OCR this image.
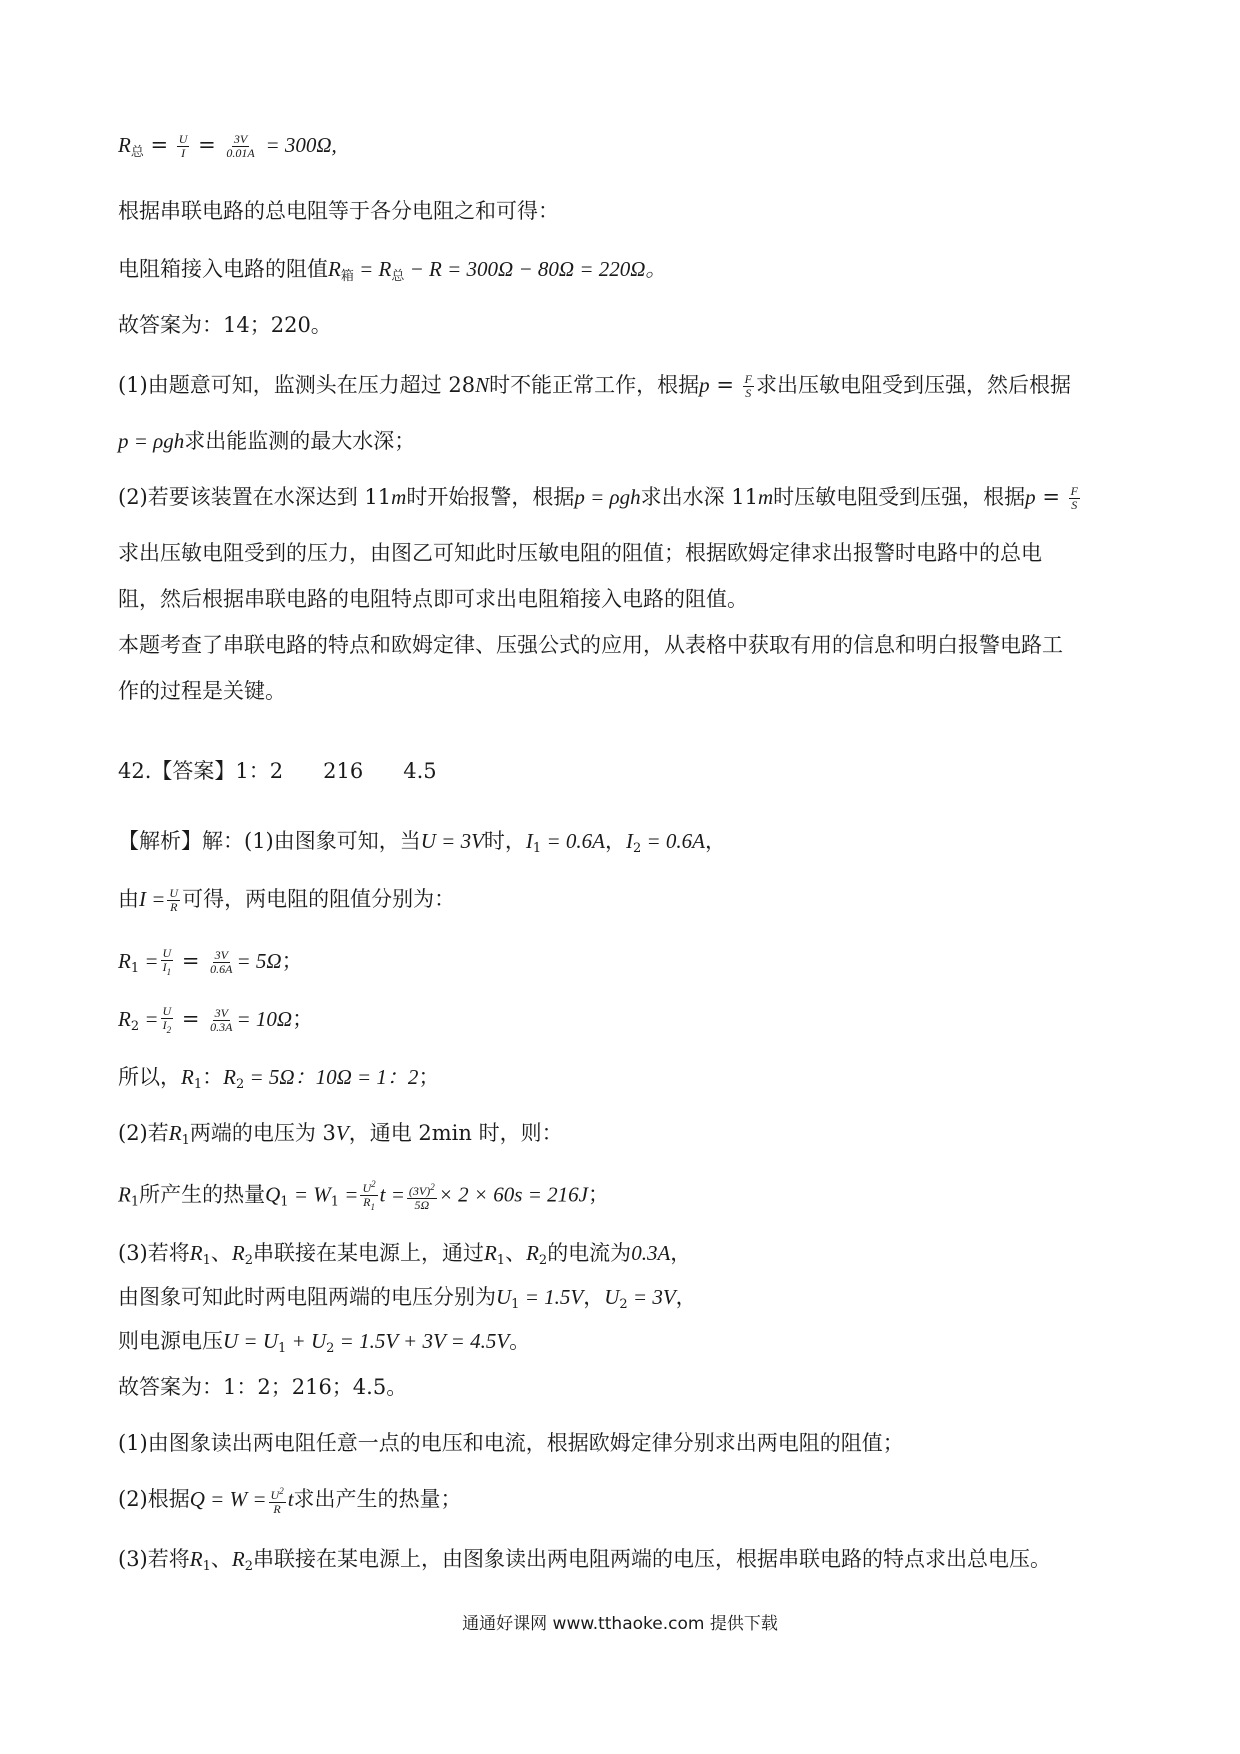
$R_总 = \frac{U}{I} = \frac{3V}{0.01A} = 300\Omega$,
根据串联电路的总电阻等于各分电阻之和可得：
电阻箱接入电路的阻值$R_箱 = R_总 - R = 300\Omega - 80\Omega = 220\Omega$。
故答案为：14；220。
(1)由题意可知，监测头在压力超过 28N时不能正常工作，根据$p = \frac{F}{S}$ 求出压敏电阻受到压强，然后根据
p = ρgh求出能监测的最大水深；
(2)若要该装置在水深达到 11m时开始报警，根据p = ρgh求出水深 11m时压敏电阻受到压强，根据$p = \frac{F}{S}$
求出压敏电阻受到的压力，由图乙可知此时压敏电阻的阻值；根据欧姆定律求出报警时电路中的总电
阻，然后根据串联电路的电阻特点即可求出电阻箱接入电路的阻值。
本题考查了串联电路的特点和欧姆定律、压强公式的应用，从表格中获取有用的信息和明白报警电路工
作的过程是关键。
42.【答案】1：2 216 4.5
【解析】解：(1)由图象可知，当U = 3V时，$I_1 = 0.6A$，$I_2 = 0.6A$，
由$I = \frac{U}{R}$ 可得，两电阻的阻值分别为：
$R_1 = \frac{U}{I_1} = \frac{3V}{0.6A} = 5\Omega$；
$R_2 = \frac{U}{I_2} = \frac{3V}{0.3A} = 10\Omega$；
所以，$R_1$：$R_2 = 5\Omega$：10Ω = 1：2；
(2)若$R_1$两端的电压为 3V，通电 2min 时，则：
$R_1$所产生的热量$Q_1 = W_1 = \frac{U^2}{R_1}$ $t = \frac{(3V)^2}{5\Omega} \times 2 \times 60s = 216J$；
(3)若将$R_1$、$R_2$串联接在某电源上，通过$R_1$、$R_2$的电流为0.3A，
由图象可知此时两电阻两端的电压分别为$U_1 = 1.5V$，$U_2 = 3V$，
则电源电压$U = U_1 + U_2 = 1.5V + 3V = 4.5V$。
故答案为：1：2；216；4.5。
(1)由图象读出两电阻任意一点的电压和电流，根据欧姆定律分别求出两电阻的阻值；
(2)根据$Q = W = \frac{U^2}{R}$ t求出产生的热量；
(3)若将$R_1$、$R_2$串联接在某电源上，由图象读出两电阻两端的电压，根据串联电路的特点求出总电压。
通通好课网 www.tthaoke.com 提供下载
